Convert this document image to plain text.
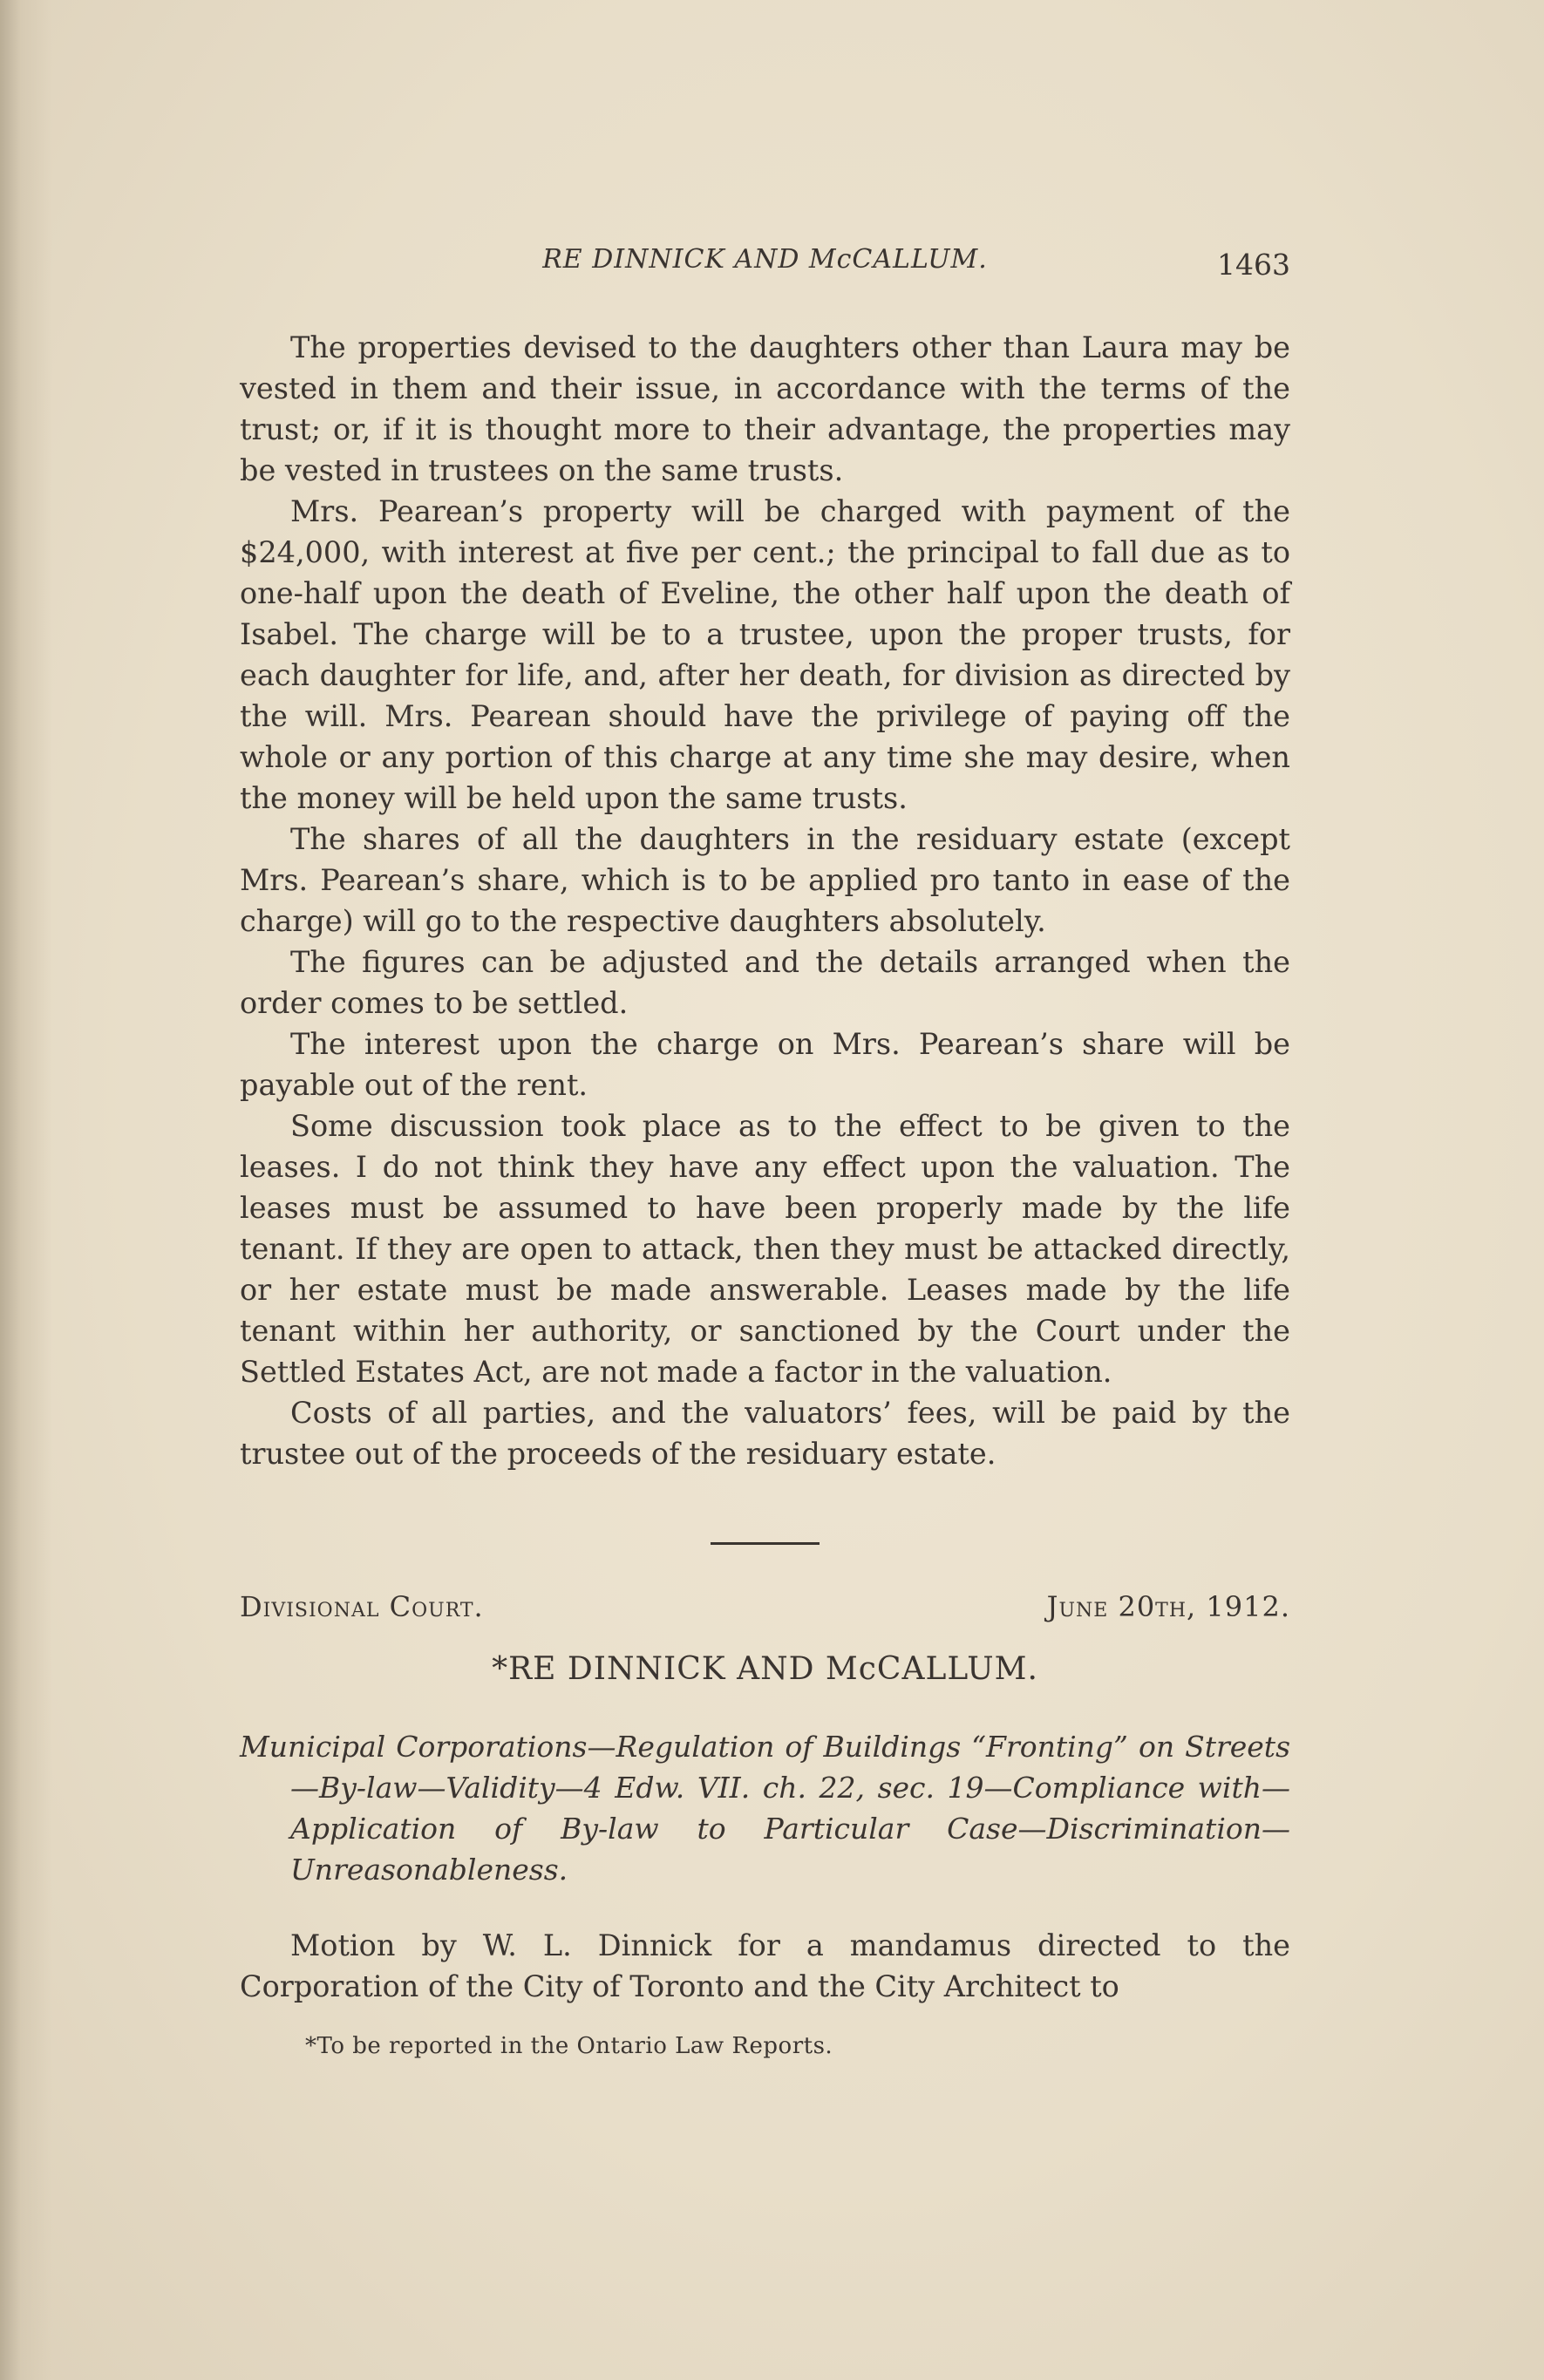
RE DINNICK AND McCALLUM.	1463

The properties devised to the daughters other than Laura may be vested in them and their issue, in accordance with the terms of the trust; or, if it is thought more to their advantage, the properties may be vested in trustees on the same trusts.

Mrs. Pearean’s property will be charged with payment of the $24,000, with interest at five per cent.; the principal to fall due as to one-half upon the death of Eveline, the other half upon the death of Isabel. The charge will be to a trustee, upon the proper trusts, for each daughter for life, and, after her death, for division as directed by the will. Mrs. Pearean should have the privilege of paying off the whole or any portion of this charge at any time she may desire, when the money will be held upon the same trusts.

The shares of all the daughters in the residuary estate (except Mrs. Pearean’s share, which is to be applied pro tanto in ease of the charge) will go to the respective daughters absolutely.

The figures can be adjusted and the details arranged when the order comes to be settled.

The interest upon the charge on Mrs. Pearean’s share will be payable out of the rent.

Some discussion took place as to the effect to be given to the leases. I do not think they have any effect upon the valuation. The leases must be assumed to have been properly made by the life tenant. If they are open to attack, then they must be attacked directly, or her estate must be made answerable. Leases made by the life tenant within her authority, or sanctioned by the Court under the Settled Estates Act, are not made a factor in the valuation.

Costs of all parties, and the valuators’ fees, will be paid by the trustee out of the proceeds of the residuary estate.

Divisional Court.	June 20th, 1912.
*RE DINNICK AND McCALLUM.

Municipal Corporations—Regulation of Buildings “Fronting” on Streets—By-law—Validity—4 Edw. VII. ch. 22, sec. 19—Compliance with—Application of By-law to Particular Case—Discrimination—Unreasonableness.

Motion by W. L. Dinnick for a mandamus directed to the Corporation of the City of Toronto and the City Architect to

*To be reported in the Ontario Law Reports.
